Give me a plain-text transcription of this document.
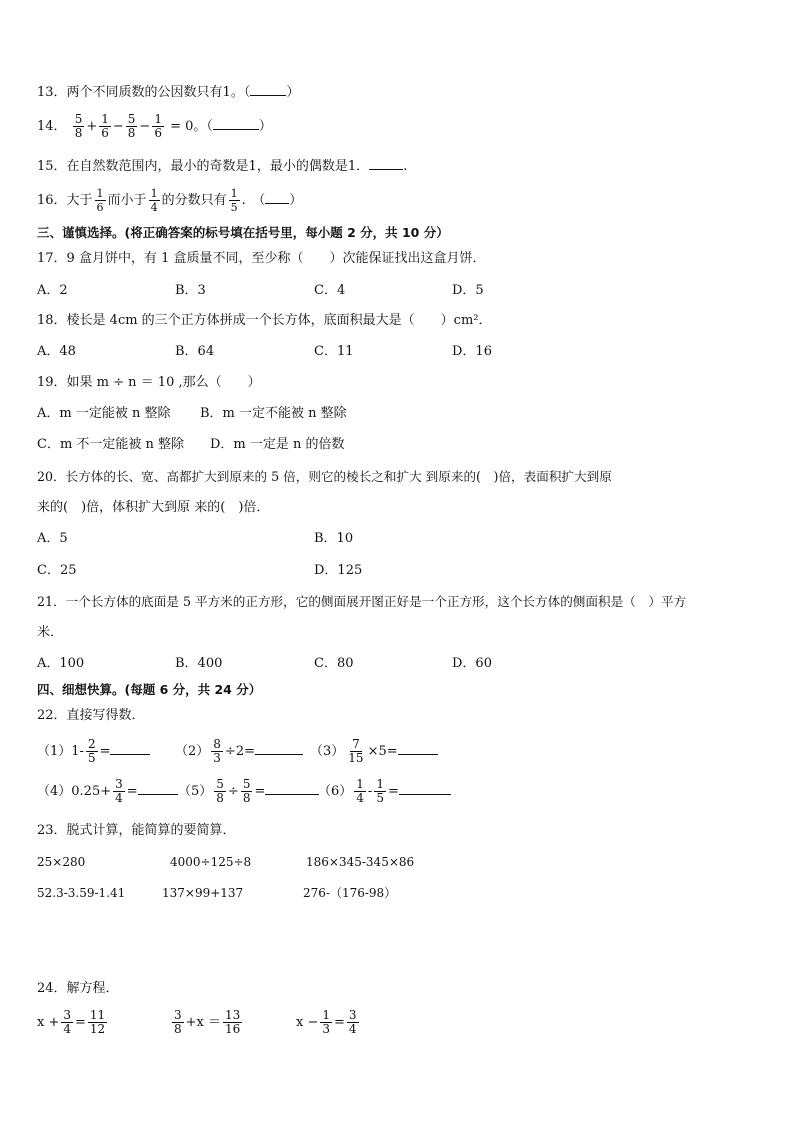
13．两个不同质数的公因数只有1。（	）
14． $\frac{5}{8} + \frac{1}{6} - \frac{5}{8} - \frac{1}{6} = 0$。（	）
15．在自然数范围内，最小的奇数是1，最小的偶数是1．	.
16．大于 $\frac{1}{6}$ 而小于 $\frac{1}{4}$ 的分数只有 $\frac{1}{5}$ .　（ ）
三、谨慎选择。(将正确答案的标号填在括号里，每小题 2 分，共 10 分）
17．9 盒月饼中，有 1 盒质量不同，至少称（　　）次能保证找出这盒月饼．
A．2	B．3	C．4	D．5
18．棱长是 4cm 的三个正方体拼成一个长方体，底面积最大是（　　）cm²．
A．48	B．64	C．11	D．16
19．如果 m ÷ n ＝ 10 ,那么（　　）
A．m 一定能被 n 整除 B．m 一定不能被 n 整除
C．m 不一定能被 n 整除 D．m 一定是 n 的倍数
20．长方体的长、宽、高都扩大到原来的 5 倍，则它的棱长之和扩大 到原来的(　)倍，表面积扩大到原
来的(　)倍，体积扩大到原 来的(　)倍．
A．5	B．10
C．25	D．125
21．一个长方体的底面是 5 平方米的正方形，它的侧面展开图正好是一个正方形，这个长方体的侧面积是（　）平方
米．
A．100	B．400	C．80	D．60
四、细想快算。(每题 6 分，共 24 分）
22．直接写得数．
$(1)1- \frac{2}{5}$ =	$(2) \frac{8}{3} \div 2=$	$(3) \frac{7}{15} \times 5=$
$(4)0.25+ \frac{3}{4}$ =	$(5) \frac{5}{8} \div \frac{5}{8}$ =	$(6) \frac{1}{4} - \frac{1}{5}$ =
23．脱式计算，能简算的要简算．
25×280	4000÷125÷8	186×345-345×86
52.3-3.59-1.41	137×99+137	276-（176-98）
24．解方程．
$x + \frac{3}{4} = \frac{11}{12}$	$\frac{3}{8} +x = \frac{13}{16}$	$x - \frac{1}{3} = \frac{3}{4}$
